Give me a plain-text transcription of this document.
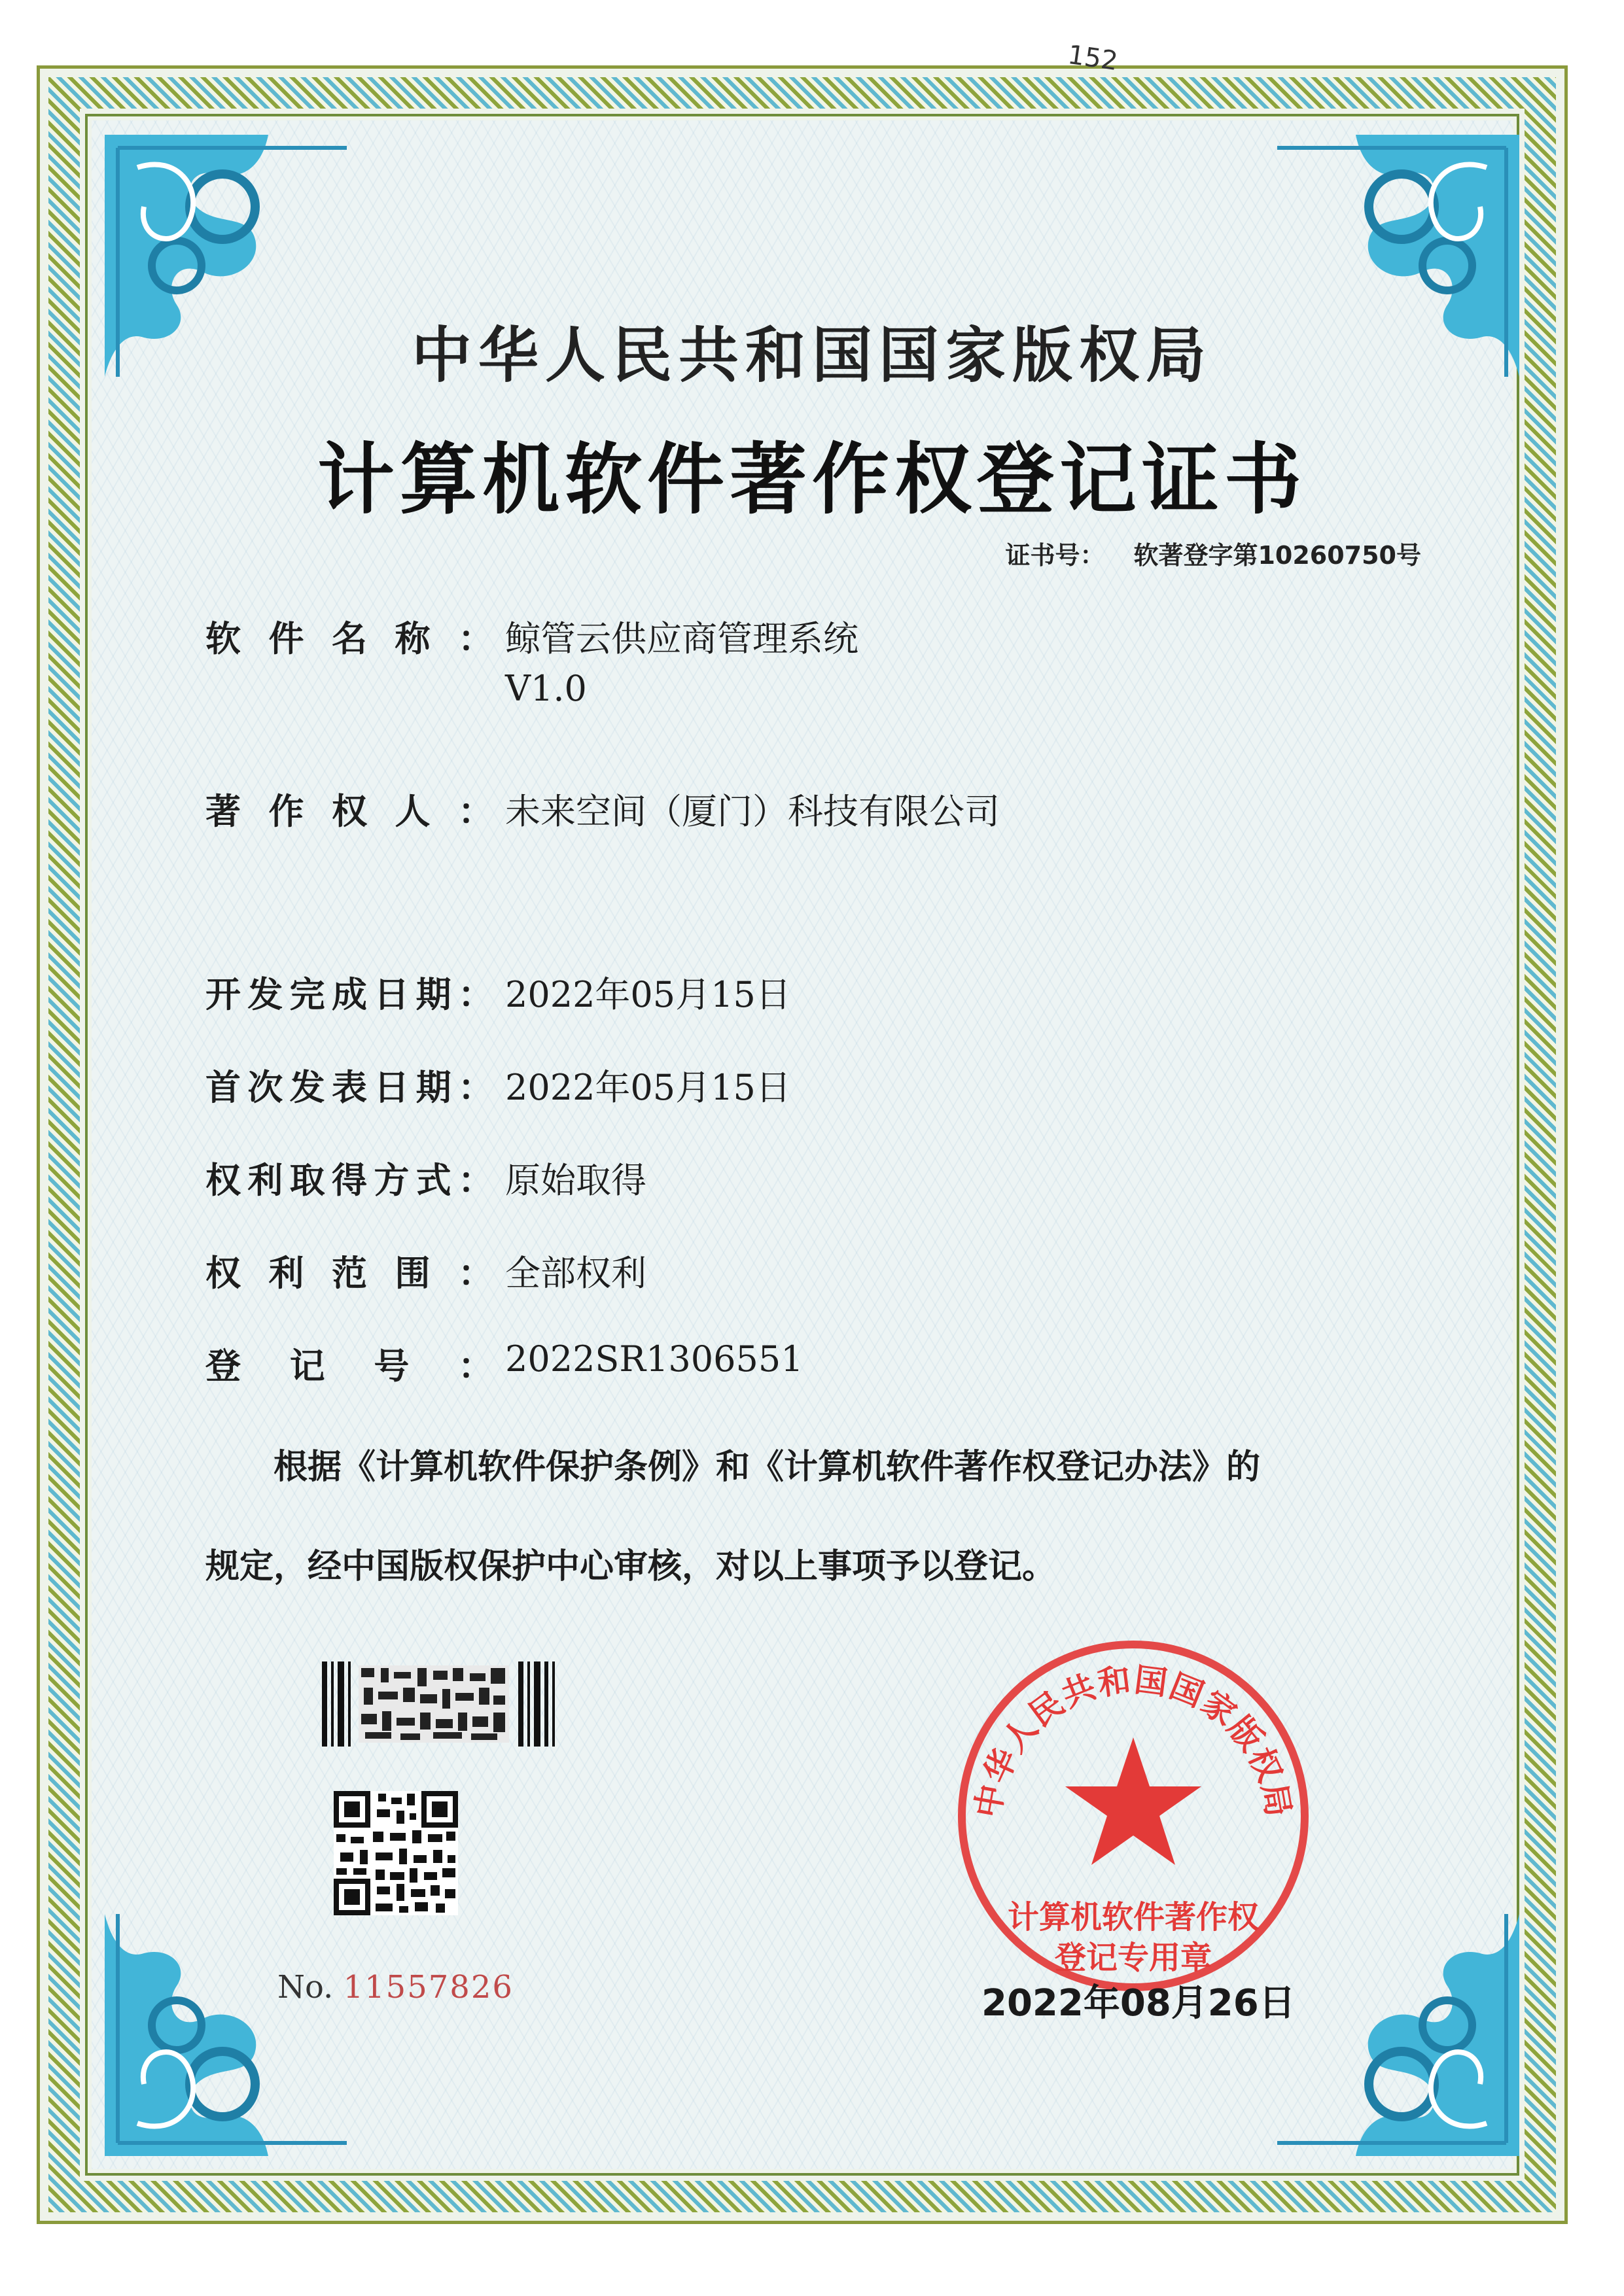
152
中华人民共和国国家版权局
计算机软件著作权登记证书
证书号： 软著登字第10260750号
软件名称： 鲸管云供应商管理系统
V1.0
著作权人： 未来空间（厦门）科技有限公司
开发完成日期： 2022年05月15日
首次发表日期： 2022年05月15日
权利取得方式： 原始取得
权利范围： 全部权利
登记号： 2022SR1306551
根据《计算机软件保护条例》和《计算机软件著作权登记办法》的
规定，经中国版权保护中心审核，对以上事项予以登记。
No. 11557826
中华人民共和国国家版权局
计算机软件著作权
登记专用章
2022年08月26日
